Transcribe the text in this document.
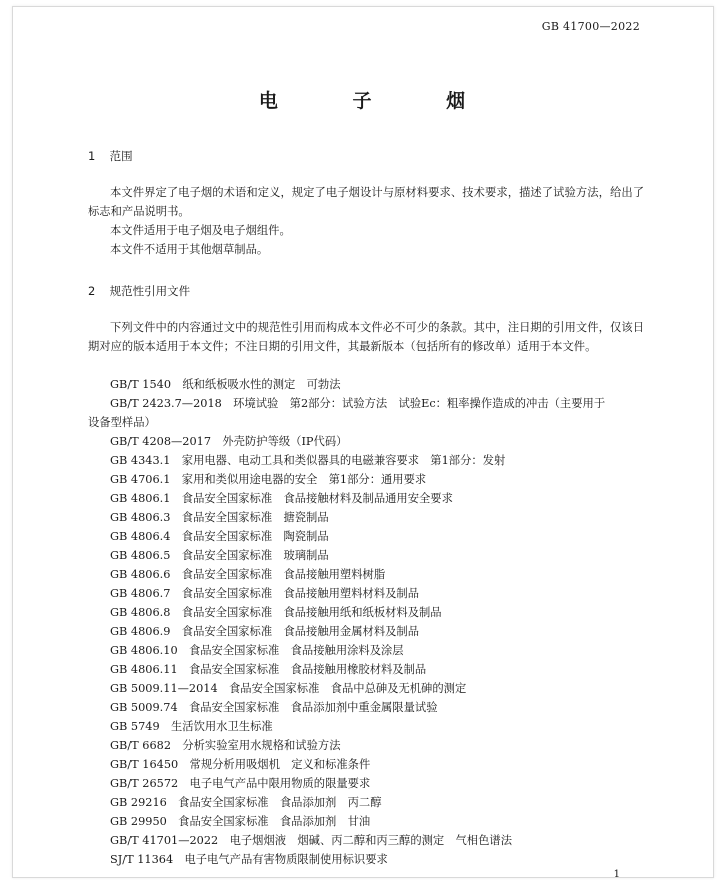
GB 41700—2022
电 子 烟
1 范围
本文件界定了电子烟的术语和定义，规定了电子烟设计与原材料要求、技术要求，描述了试验方法，给出了标志和产品说明书。
本文件适用于电子烟及电子烟组件。
本文件不适用于其他烟草制品。
2 规范性引用文件
下列文件中的内容通过文中的规范性引用而构成本文件必不可少的条款。其中，注日期的引用文件，仅该日期对应的版本适用于本文件；不注日期的引用文件，其最新版本（包括所有的修改单）适用于本文件。
GB/T 1540　 纸和纸板吸水性的测定　可勃法
GB/T 2423.7—2018　 环境试验　第2部分：试验方法　试验Ec：粗率操作造成的冲击（主要用于
设备型样品）
GB/T 4208—2017　 外壳防护等级（IP代码）
GB 4343.1　 家用电器、电动工具和类似器具的电磁兼容要求　第1部分：发射
GB 4706.1　 家用和类似用途电器的安全　第1部分：通用要求
GB 4806.1　 食品安全国家标准　食品接触材料及制品通用安全要求
GB 4806.3　 食品安全国家标准　搪瓷制品
GB 4806.4　 食品安全国家标准　陶瓷制品
GB 4806.5　 食品安全国家标准　玻璃制品
GB 4806.6　 食品安全国家标准　食品接触用塑料树脂
GB 4806.7　 食品安全国家标准　食品接触用塑料材料及制品
GB 4806.8　 食品安全国家标准　食品接触用纸和纸板材料及制品
GB 4806.9　 食品安全国家标准　食品接触用金属材料及制品
GB 4806.10　 食品安全国家标准　食品接触用涂料及涂层
GB 4806.11　 食品安全国家标准　食品接触用橡胶材料及制品
GB 5009.11—2014　 食品安全国家标准　食品中总砷及无机砷的测定
GB 5009.74　 食品安全国家标准　食品添加剂中重金属限量试验
GB 5749　 生活饮用水卫生标准
GB/T 6682　 分析实验室用水规格和试验方法
GB/T 16450　 常规分析用吸烟机　定义和标准条件
GB/T 26572　 电子电气产品中限用物质的限量要求
GB 29216　 食品安全国家标准　食品添加剂　丙二醇
GB 29950　 食品安全国家标准　食品添加剂　甘油
GB/T 41701—2022　 电子烟烟液　烟碱、丙二醇和丙三醇的测定　气相色谱法
SJ/T 11364　 电子电气产品有害物质限制使用标识要求
1
